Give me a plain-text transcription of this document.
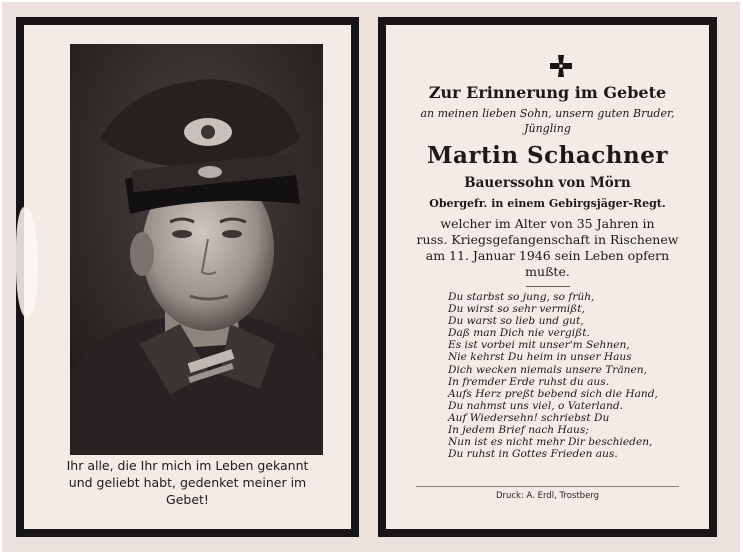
Ihr alle, die Ihr mich im Leben gekannt
und geliebt habt, gedenket meiner im
Gebet!
Zur Erinnerung im Gebete
an meinen lieben Sohn, unsern guten Bruder,
Jüngling
Martin Schachner
Bauerssohn von Mörn
Obergefr. in einem Gebirgsjäger-Regt.
welcher im Alter von 35 Jahren in
russ. Kriegsgefangenschaft in Rischenew
am 11. Januar 1946 sein Leben opfern
mußte.
Du starbst so jung, so früh,
Du wirst so sehr vermißt,
Du warst so lieb und gut,
Daß man Dich nie vergißt.
Es ist vorbei mit unser'm Sehnen,
Nie kehrst Du heim in unser Haus
Dich wecken niemals unsere Tränen,
In fremder Erde ruhst du aus.
Aufs Herz preßt bebend sich die Hand,
Du nahmst uns viel, o Vaterland.
Auf Wiedersehn! schriebst Du
In jedem Brief nach Haus;
Nun ist es nicht mehr Dir beschieden,
Du ruhst in Gottes Frieden aus.
Druck: A. Erdl, Trostberg
